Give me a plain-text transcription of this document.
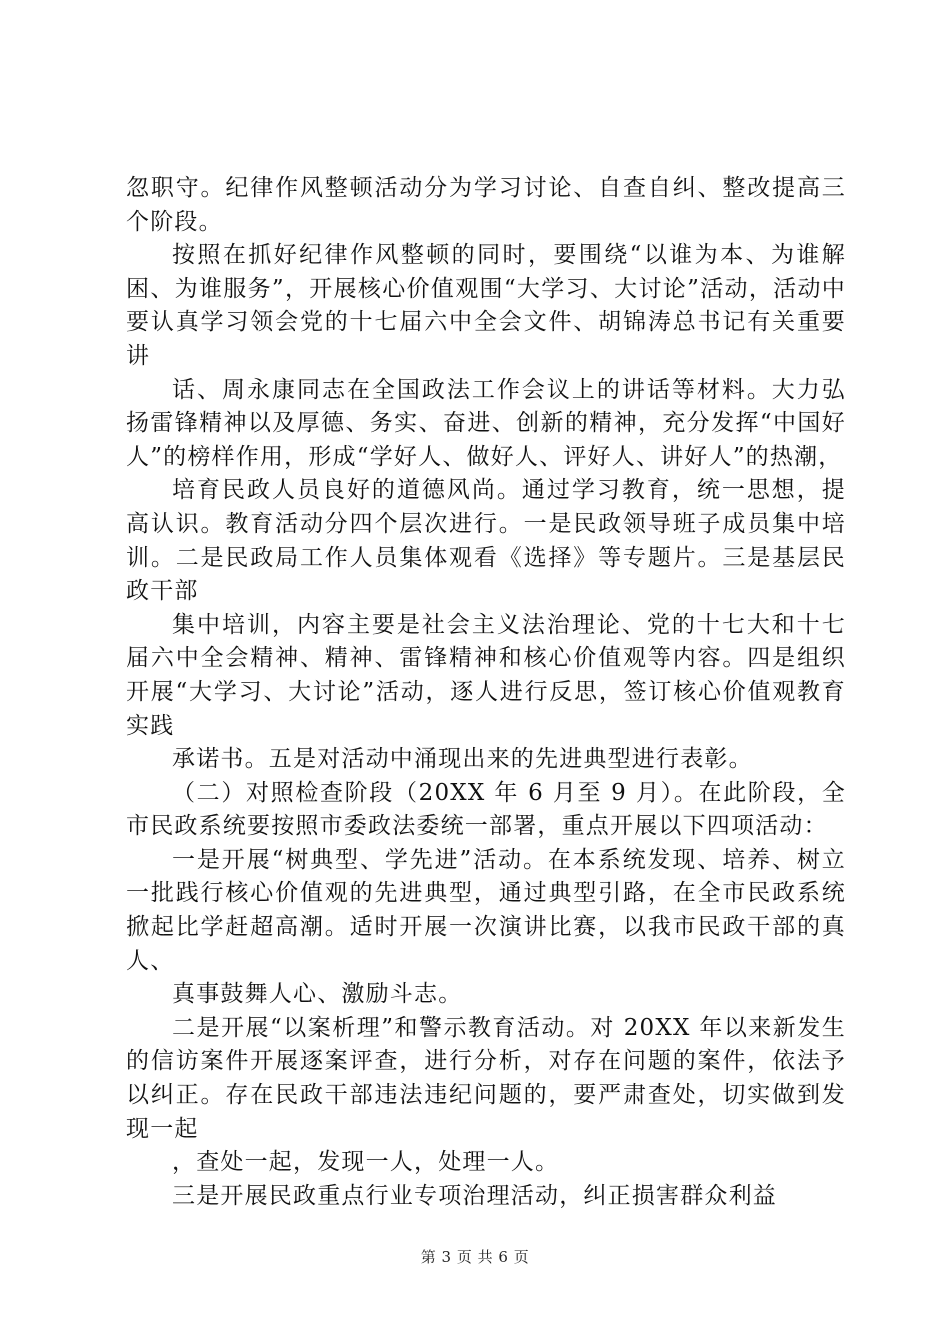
忽职守。纪律作风整顿活动分为学习讨论、自查自纠、整改提高三个阶段。

按照在抓好纪律作风整顿的同时，要围绕“以谁为本、为谁解困、为谁服务”，开展核心价值观围“大学习、大讨论”活动，活动中要认真学习领会党的十七届六中全会文件、胡锦涛总书记有关重要讲

话、周永康同志在全国政法工作会议上的讲话等材料。大力弘扬雷锋精神以及厚德、务实、奋进、创新的精神，充分发挥“中国好人”的榜样作用，形成“学好人、做好人、评好人、讲好人”的热潮，

培育民政人员良好的道德风尚。通过学习教育，统一思想，提高认识。教育活动分四个层次进行。一是民政领导班子成员集中培训。二是民政局工作人员集体观看《选择》等专题片。三是基层民政干部

集中培训，内容主要是社会主义法治理论、党的十七大和十七届六中全会精神、精神、雷锋精神和核心价值观等内容。四是组织开展“大学习、大讨论”活动，逐人进行反思，签订核心价值观教育实践

承诺书。五是对活动中涌现出来的先进典型进行表彰。

（二）对照检查阶段（20XX 年 6 月至 9 月）。在此阶段，全市民政系统要按照市委政法委统一部署，重点开展以下四项活动：

一是开展“树典型、学先进”活动。在本系统发现、培养、树立一批践行核心价值观的先进典型，通过典型引路，在全市民政系统掀起比学赶超高潮。适时开展一次演讲比赛，以我市民政干部的真人、

真事鼓舞人心、激励斗志。

二是开展“以案析理”和警示教育活动。对 20XX 年以来新发生的信访案件开展逐案评查，进行分析，对存在问题的案件，依法予以纠正。存在民政干部违法违纪问题的，要严肃查处，切实做到发现一起

，查处一起，发现一人，处理一人。

三是开展民政重点行业专项治理活动，纠正损害群众利益

第 3 页 共 6 页
